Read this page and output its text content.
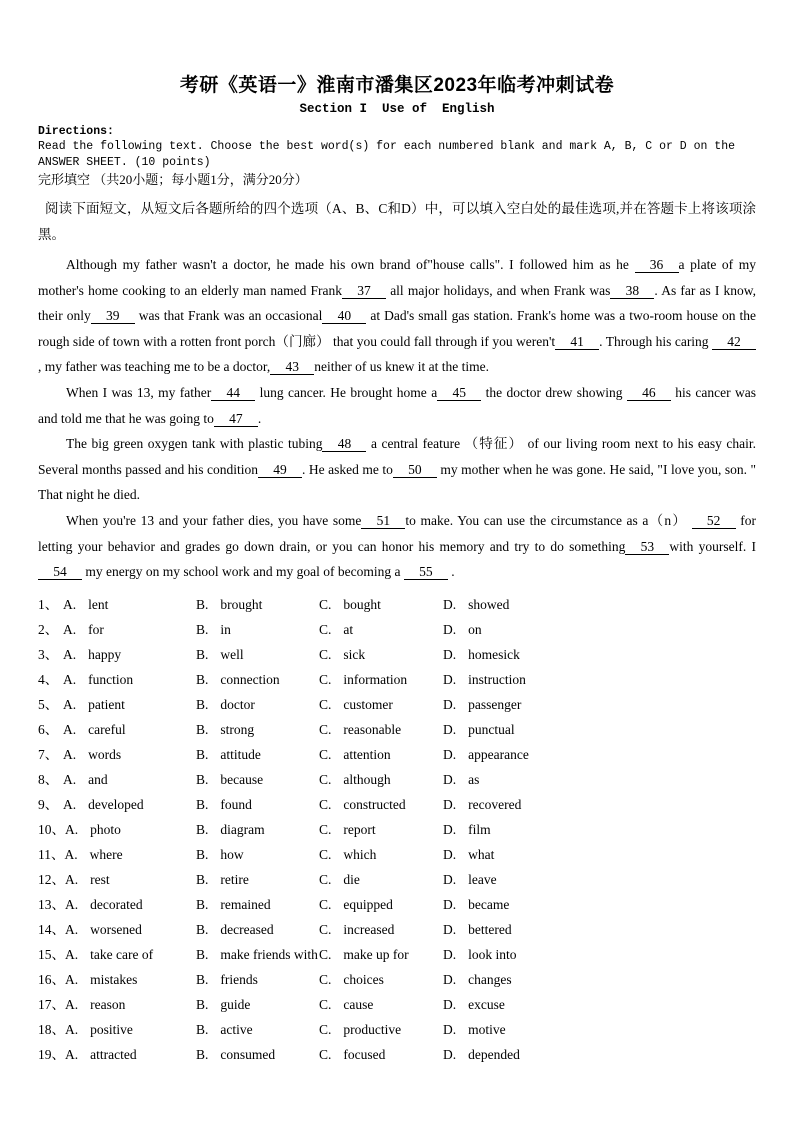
考研《英语一》淮南市潘集区2023年临考冲刺试卷
Section I  Use of  English
Directions:
Read the following text. Choose the best word(s) for each numbered blank and mark A, B, C or D on the ANSWER SHEET. (10 points)
完形填空 （共20小题；每小题1分，满分20分）

阅读下面短文，从短文后各题所给的四个选项（A、B、C和D）中，可以填入空白处的最佳选项,并在答题卡上将该项涂黑。

Although my father wasn't a doctor, he made his own brand of"house calls". I followed him as he 36 a plate of my mother's home cooking to an elderly man named Frank 37 all major holidays, and when Frank was 38 . As far as I know, their only 39 was that Frank was an occasional 40 at Dad's small gas station. Frank's home was a two-room house on the rough side of town with a rotten front porch（门廊） that you could fall through if you weren't 41 . Through his caring 42, my father was teaching me to be a doctor, 43 neither of us knew it at the time.

When I was 13, my father 44 lung cancer. He brought home a 45 the doctor drew showing 46 his cancer was and told me that he was going to 47 .

The big green oxygen tank with plastic tubing 48 a central feature （特征） of our living room next to his easy chair. Several months passed and his condition 49 . He asked me to 50 my mother when he was gone. He said, "I love you, son. " That night he died.

When you're 13 and your father dies, you have some 51 to make. You can use the circumstance as a（n） 52 for letting your behavior and grades go down drain, or you can honor his memory and try to do something 53 with yourself. I 54 my energy on my school work and my goal of becoming a 55 .

1、 A. lent	B. brought	C. bought	D. showed
2、 A. for	B. in	C. at	D. on
3、 A. happy	B. well	C. sick	D. homesick
4、 A. function	B. connection	C. information	D. instruction
5、 A. patient	B. doctor	C. customer	D. passenger
6、 A. careful	B. strong	C. reasonable	D. punctual
7、 A. words	B. attitude	C. attention	D. appearance
8、 A. and	B. because	C. although	D. as
9、 A. developed	B. found	C. constructed	D. recovered
10、 A. photo	B. diagram	C. report	D. film
11、 A. where	B. how	C. which	D. what
12、 A. rest	B. retire	C. die	D. leave
13、 A. decorated	B. remained	C. equipped	D. became
14、 A. worsened	B. decreased	C. increased	D. bettered
15、 A. take care of	B. make friends with C. make up for	D. look into
16、 A. mistakes	B. friends	C. choices	D. changes
17、 A. reason	B. guide	C. cause	D. excuse
18、 A. positive	B. active	C. productive	D. motive
19、 A. attracted	B. consumed	C. focused	D. depended
